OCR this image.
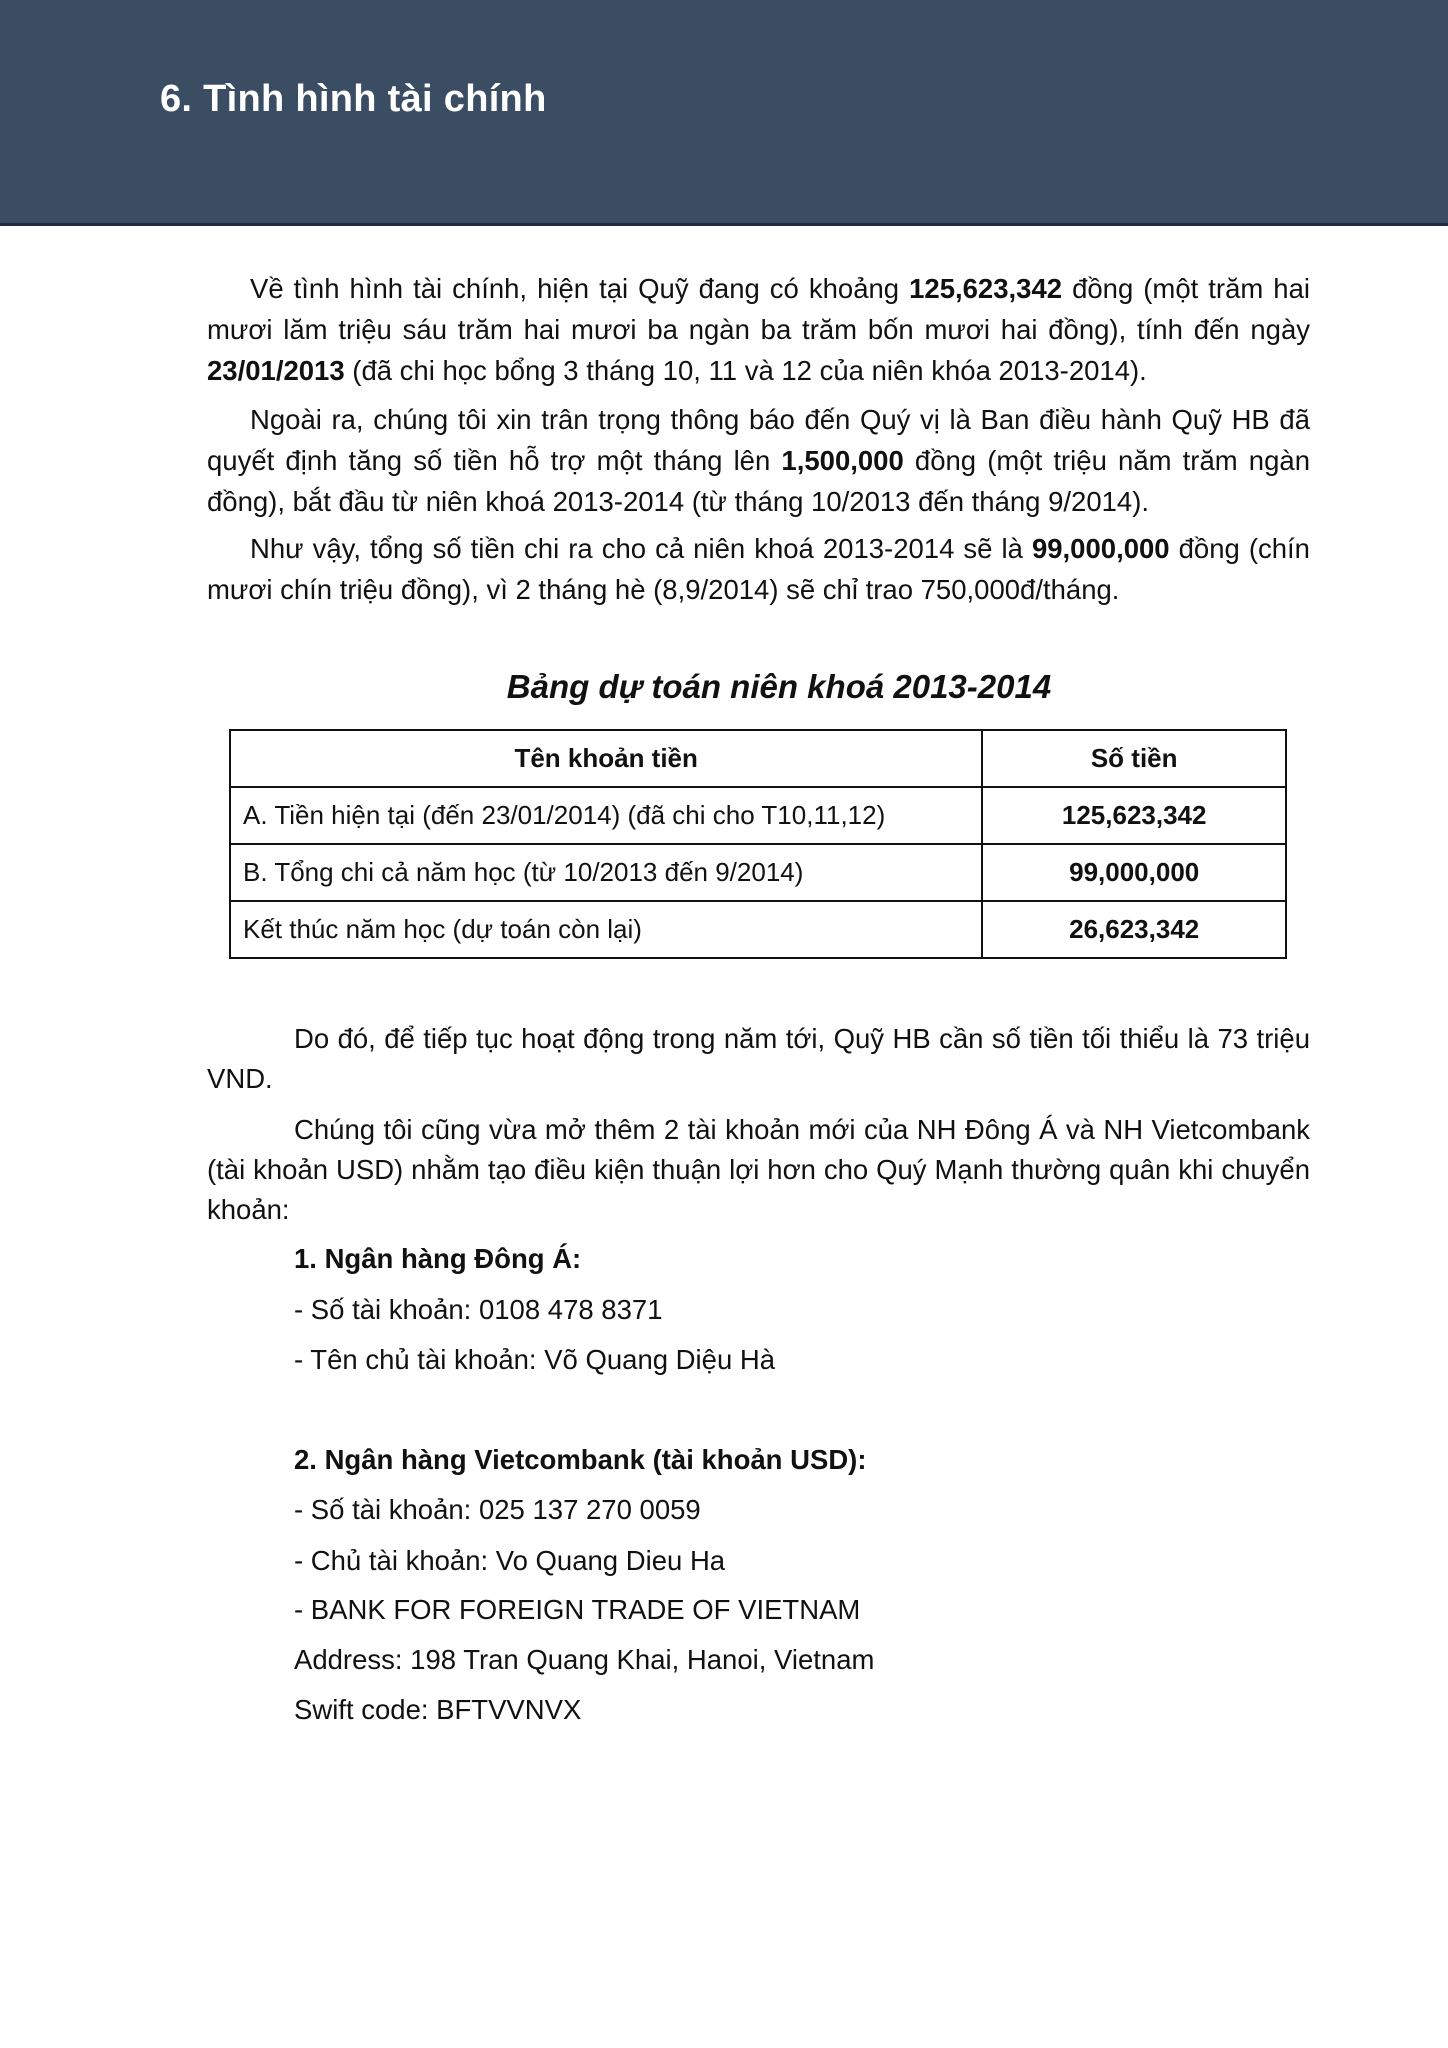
6. Tình hình tài chính

Về tình hình tài chính, hiện tại Quỹ đang có khoảng 125,623,342 đồng (một trăm hai mươi lăm triệu sáu trăm hai mươi ba ngàn ba trăm bốn mươi hai đồng), tính đến ngày 23/01/2013 (đã chi học bổng 3 tháng 10, 11 và 12 của niên khóa 2013-2014).

Ngoài ra, chúng tôi xin trân trọng thông báo đến Quý vị là Ban điều hành Quỹ HB đã quyết định tăng số tiền hỗ trợ một tháng lên 1,500,000 đồng (một triệu năm trăm ngàn đồng), bắt đầu từ niên khoá 2013-2014 (từ tháng 10/2013 đến tháng 9/2014).

Như vậy, tổng số tiền chi ra cho cả niên khoá 2013-2014 sẽ là 99,000,000 đồng (chín mươi chín triệu đồng), vì 2 tháng hè (8,9/2014) sẽ chỉ trao 750,000đ/tháng.

Bảng dự toán niên khoá 2013-2014
Tên khoản tiền	Số tiền
A. Tiền hiện tại (đến 23/01/2014) (đã chi cho T10,11,12)	125,623,342
B. Tổng chi cả năm học (từ 10/2013 đến 9/2014)	99,000,000
Kết thúc năm học (dự toán còn lại)	26,623,342

Do đó, để tiếp tục hoạt động trong năm tới, Quỹ HB cần số tiền tối thiểu là 73 triệu VND.

Chúng tôi cũng vừa mở thêm 2 tài khoản mới của NH Đông Á và NH Vietcombank (tài khoản USD) nhằm tạo điều kiện thuận lợi hơn cho Quý Mạnh thường quân khi chuyển khoản:

1. Ngân hàng Đông Á:

- Số tài khoản: 0108 478 8371

- Tên chủ tài khoản: Võ Quang Diệu Hà

2. Ngân hàng Vietcombank (tài khoản USD):

- Số tài khoản: 025 137 270 0059

- Chủ tài khoản: Vo Quang Dieu Ha

- BANK FOR FOREIGN TRADE OF VIETNAM

Address: 198 Tran Quang Khai, Hanoi, Vietnam

Swift code: BFTVVNVX
